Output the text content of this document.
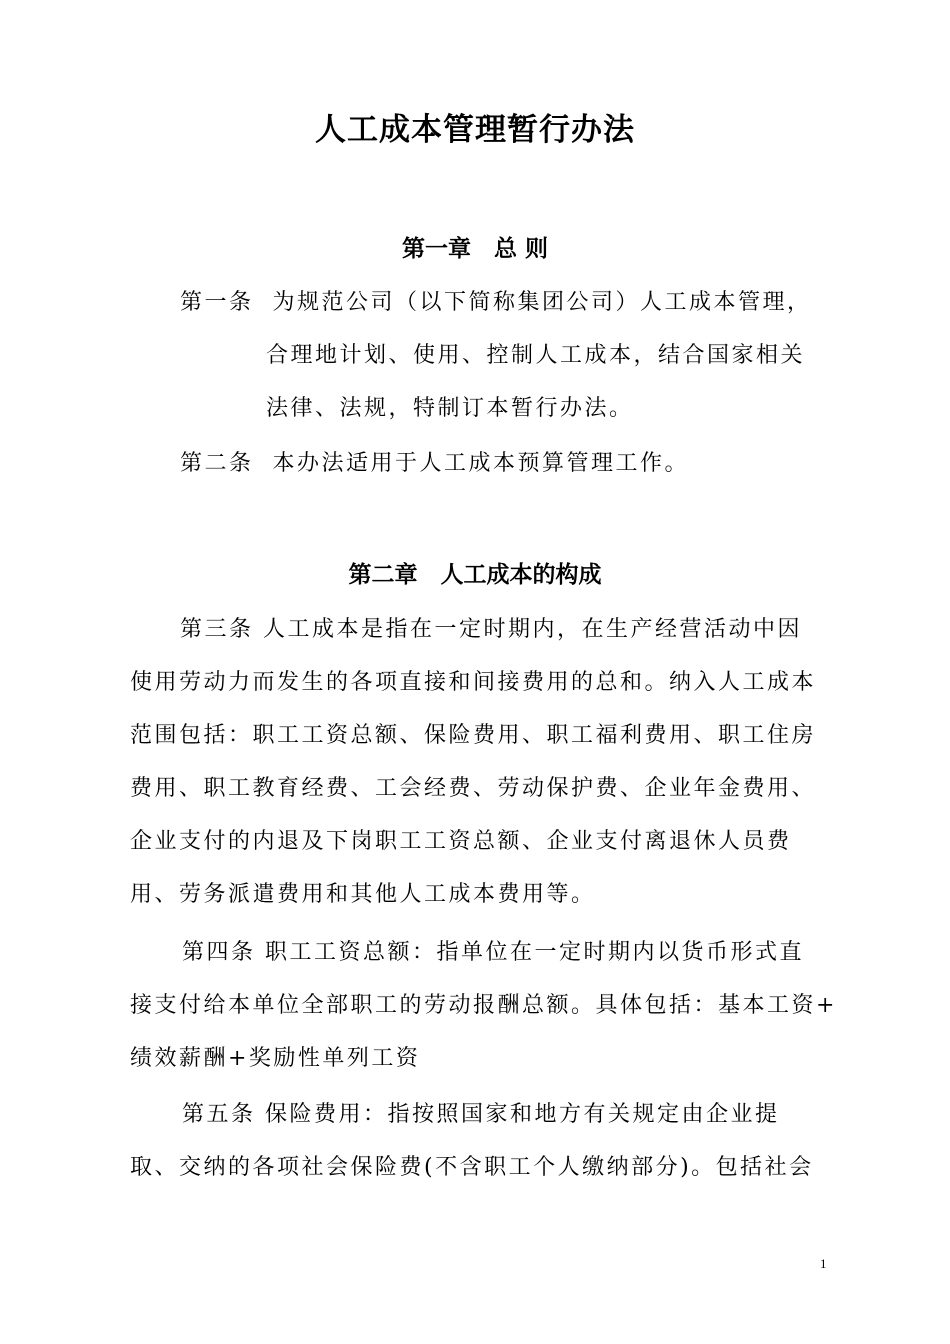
人工成本管理暂行办法
第一章　总 则
第一条  为规范公司（以下简称集团公司）人工成本管理，
合理地计划、使用、控制人工成本，结合国家相关
法律、法规，特制订本暂行办法。
第二条  本办法适用于人工成本预算管理工作。
第二章　人工成本的构成
第三条 人工成本是指在一定时期内，在生产经营活动中因
使用劳动力而发生的各项直接和间接费用的总和。纳入人工成本
范围包括：职工工资总额、保险费用、职工福利费用、职工住房
费用、职工教育经费、工会经费、劳动保护费、企业年金费用、
企业支付的内退及下岗职工工资总额、企业支付离退休人员费
用、劳务派遣费用和其他人工成本费用等。
第四条 职工工资总额：指单位在一定时期内以货币形式直
接支付给本单位全部职工的劳动报酬总额。具体包括：基本工资+
绩效薪酬+奖励性单列工资
第五条 保险费用：指按照国家和地方有关规定由企业提
取、交纳的各项社会保险费(不含职工个人缴纳部分)。包括社会
1
